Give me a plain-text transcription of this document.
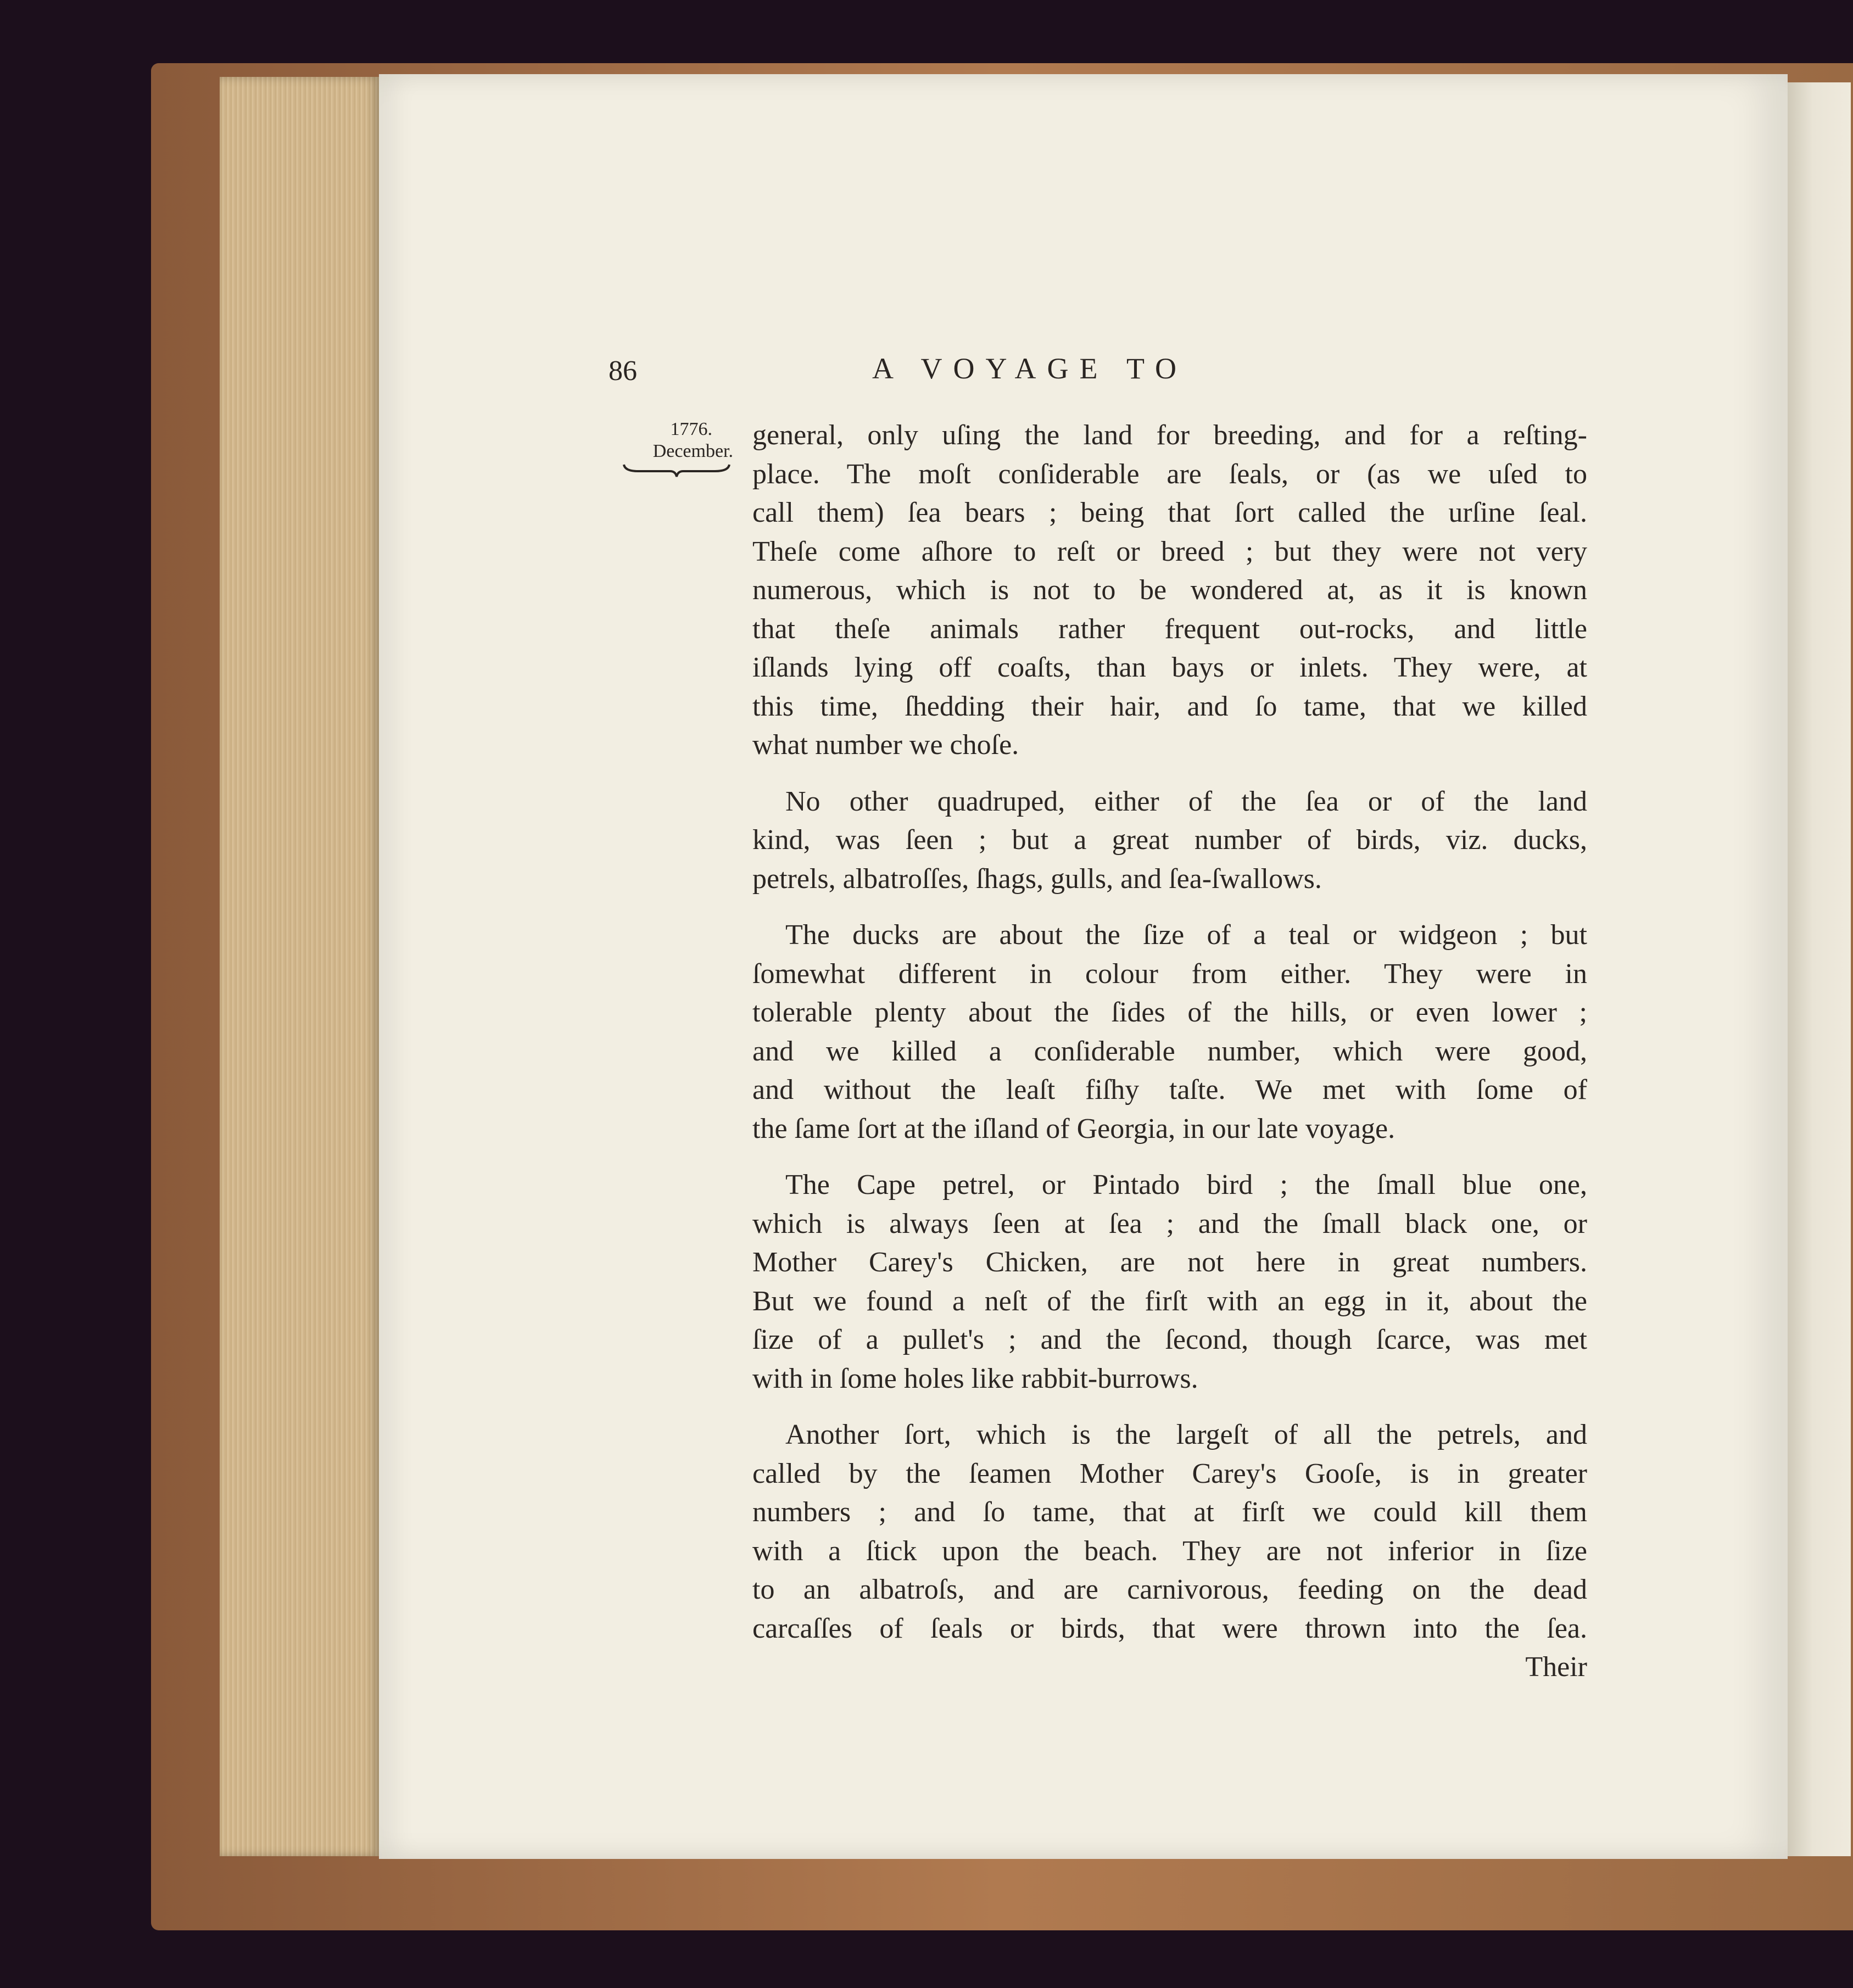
86	A VOYAGE TO
1776.
December.
general, only uſing the land for breeding, and for a reſting-
place. The moſt conſiderable are ſeals, or (as we uſed to
call them) ſea bears ; being that ſort called the urſine ſeal.
Theſe come aſhore to reſt or breed ; but they were not very
numerous, which is not to be wondered at, as it is known
that theſe animals rather frequent out-rocks, and little
iſlands lying off coaſts, than bays or inlets. They were, at
this time, ſhedding their hair, and ſo tame, that we killed
what number we choſe.
No other quadruped, either of the ſea or of the land
kind, was ſeen ; but a great number of birds, viz. ducks,
petrels, albatroſſes, ſhags, gulls, and ſea-ſwallows.
The ducks are about the ſize of a teal or widgeon ; but
ſomewhat different in colour from either. They were in
tolerable plenty about the ſides of the hills, or even lower ;
and we killed a conſiderable number, which were good,
and without the leaſt fiſhy taſte. We met with ſome of
the ſame ſort at the iſland of Georgia, in our late voyage.
The Cape petrel, or Pintado bird ; the ſmall blue one,
which is always ſeen at ſea ; and the ſmall black one, or
Mother Carey's Chicken, are not here in great numbers.
But we found a neſt of the firſt with an egg in it, about the
ſize of a pullet's ; and the ſecond, though ſcarce, was met
with in ſome holes like rabbit-burrows.
Another ſort, which is the largeſt of all the petrels, and
called by the ſeamen Mother Carey's Gooſe, is in greater
numbers ; and ſo tame, that at firſt we could kill them
with a ſtick upon the beach. They are not inferior in ſize
to an albatroſs, and are carnivorous, feeding on the dead
carcaſſes of ſeals or birds, that were thrown into the ſea.
Their
